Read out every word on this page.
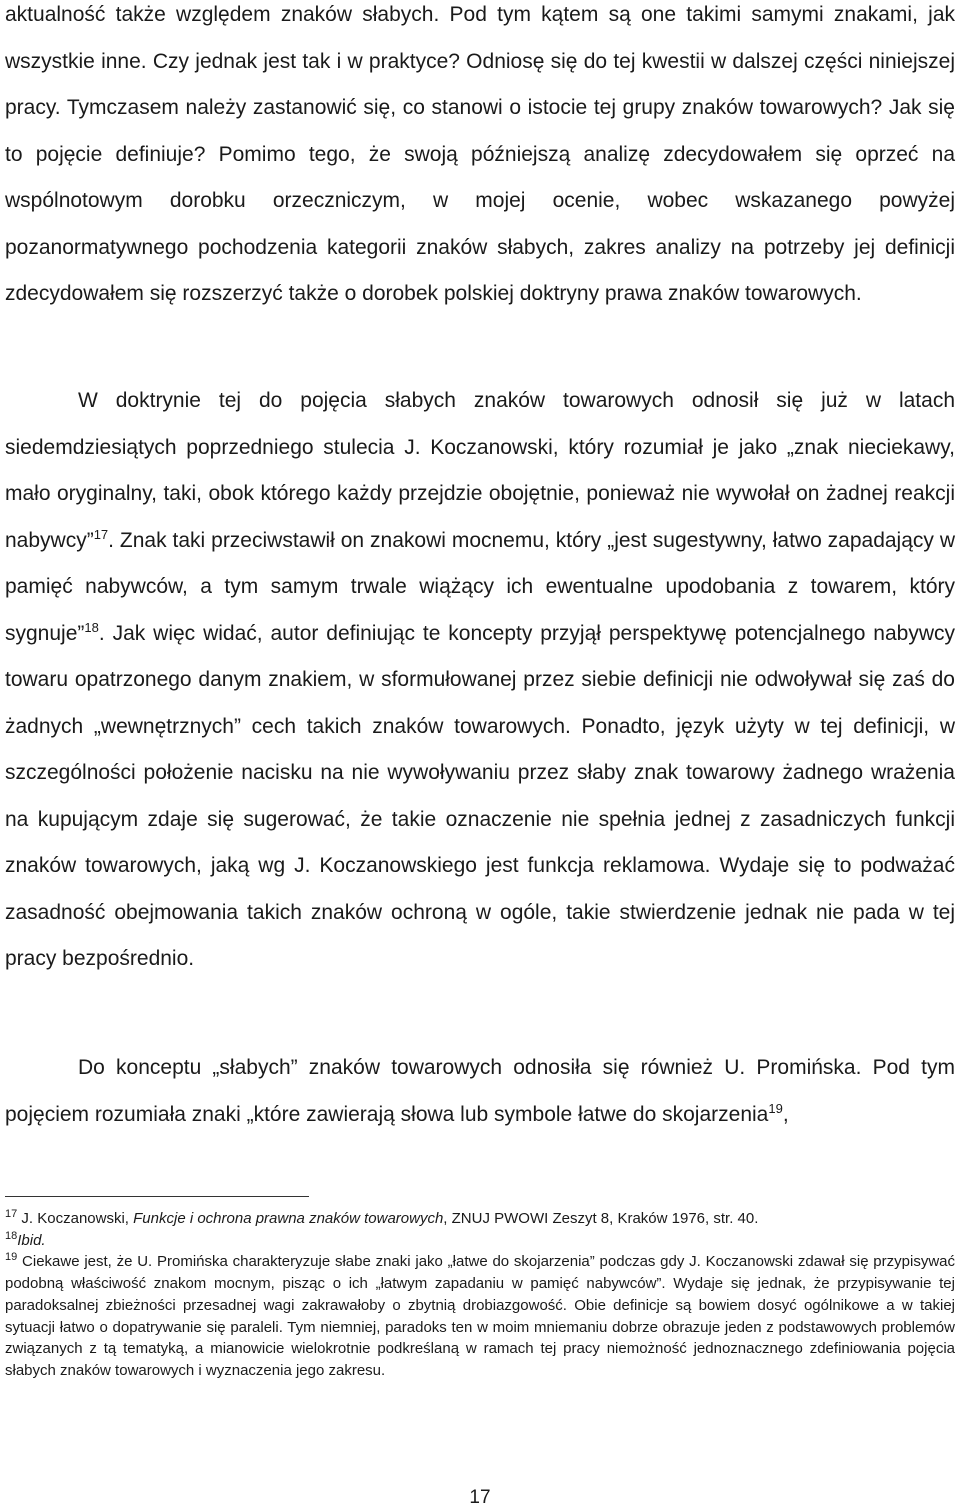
aktualność także względem znaków słabych. Pod tym kątem są one takimi samymi znakami, jak wszystkie inne. Czy jednak jest tak i w praktyce? Odniosę się do tej kwestii w dalszej części niniejszej pracy. Tymczasem należy zastanowić się, co stanowi o istocie tej grupy znaków towarowych? Jak się to pojęcie definiuje? Pomimo tego, że swoją późniejszą analizę zdecydowałem się oprzeć na wspólnotowym dorobku orzeczniczym, w mojej ocenie, wobec wskazanego powyżej pozanormatywnego pochodzenia kategorii znaków słabych, zakres analizy na potrzeby jej definicji zdecydowałem się rozszerzyć także o dorobek polskiej doktryny prawa znaków towarowych.

W doktrynie tej do pojęcia słabych znaków towarowych odnosił się już w latach siedemdziesiątych poprzedniego stulecia J. Koczanowski, który rozumiał je jako „znak nieciekawy, mało oryginalny, taki, obok którego każdy przejdzie obojętnie, ponieważ nie wywołał on żadnej reakcji nabywcy”$^{17}$. Znak taki przeciwstawił on znakowi mocnemu, który „jest sugestywny, łatwo zapadający w pamięć nabywców, a tym samym trwale wiążący ich ewentualne upodobania z towarem, który sygnuje”$^{18}$. Jak więc widać, autor definiując te koncepty przyjął perspektywę potencjalnego nabywcy towaru opatrzonego danym znakiem, w sformułowanej przez siebie definicji nie odwoływał się zaś do żadnych „wewnętrznych” cech takich znaków towarowych. Ponadto, język użyty w tej definicji, w szczególności położenie nacisku na nie wywoływaniu przez słaby znak towarowy żadnego wrażenia na kupującym zdaje się sugerować, że takie oznaczenie nie spełnia jednej z zasadniczych funkcji znaków towarowych, jaką wg J. Koczanowskiego jest funkcja reklamowa. Wydaje się to podważać zasadność obejmowania takich znaków ochroną w ogóle, takie stwierdzenie jednak nie pada w tej pracy bezpośrednio.

Do konceptu „słabych” znaków towarowych odnosiła się również U. Promińska. Pod tym pojęciem rozumiała znaki „które zawierają słowa lub symbole łatwe do skojarzenia$^{19}$,

$^{17}$ J. Koczanowski, Funkcje i ochrona prawna znaków towarowych, ZNUJ PWOWI Zeszyt 8, Kraków 1976, str. 40.

$^{18}$Ibid.

$^{19}$ Ciekawe jest, że U. Promińska charakteryzuje słabe znaki jako „łatwe do skojarzenia” podczas gdy J. Koczanowski zdawał się przypisywać podobną właściwość znakom mocnym, pisząc o ich „łatwym zapadaniu w pamięć nabywców”. Wydaje się jednak, że przypisywanie tej paradoksalnej zbieżności przesadnej wagi zakrawałoby o zbytnią drobiazgowość. Obie definicje są bowiem dosyć ogólnikowe a w takiej sytuacji łatwo o dopatrywanie się paraleli. Tym niemniej, paradoks ten w moim mniemaniu dobrze obrazuje jeden z podstawowych problemów związanych z tą tematyką, a mianowicie wielokrotnie podkreślaną w ramach tej pracy niemożność jednoznacznego zdefiniowania pojęcia słabych znaków towarowych i wyznaczenia jego zakresu.

17
